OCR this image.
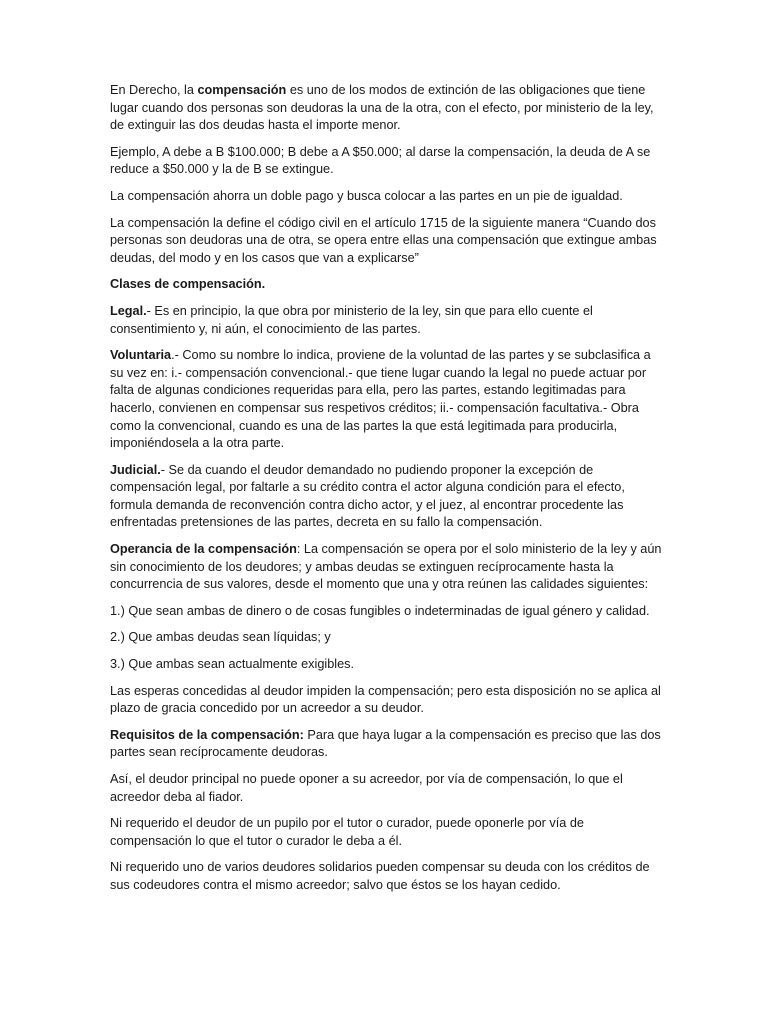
En Derecho, la compensación es uno de los modos de extinción de las obligaciones que tiene lugar cuando dos personas son deudoras la una de la otra, con el efecto, por ministerio de la ley, de extinguir las dos deudas hasta el importe menor.

Ejemplo, A debe a B $100.000; B debe a A $50.000; al darse la compensación, la deuda de A se reduce a $50.000 y la de B se extingue.

La compensación ahorra un doble pago y busca colocar a las partes en un pie de igualdad.

La compensación la define el código civil en el artículo 1715 de la siguiente manera “Cuando dos personas son deudoras una de otra, se opera entre ellas una compensación que extingue ambas deudas, del modo y en los casos que van a explicarse”

Clases de compensación.

Legal.- Es en principio, la que obra por ministerio de la ley, sin que para ello cuente el consentimiento y, ni aún, el conocimiento de las partes.

Voluntaria.- Como su nombre lo indica, proviene de la voluntad de las partes y se subclasifica a su vez en: i.- compensación convencional.- que tiene lugar cuando la legal no puede actuar por falta de algunas condiciones requeridas para ella, pero las partes, estando legitimadas para hacerlo, convienen en compensar sus respetivos créditos; ii.- compensación facultativa.- Obra como la convencional, cuando es una de las partes la que está legitimada para producirla, imponiéndosela a la otra parte.

Judicial.- Se da cuando el deudor demandado no pudiendo proponer la excepción de compensación legal, por faltarle a su crédito contra el actor alguna condición para el efecto, formula demanda de reconvención contra dicho actor, y el juez, al encontrar procedente las enfrentadas pretensiones de las partes, decreta en su fallo la compensación.

Operancia de la compensación: La compensación se opera por el solo ministerio de la ley y aún sin conocimiento de los deudores; y ambas deudas se extinguen recíprocamente hasta la concurrencia de sus valores, desde el momento que una y otra reúnen las calidades siguientes:

1.) Que sean ambas de dinero o de cosas fungibles o indeterminadas de igual género y calidad.

2.) Que ambas deudas sean líquidas; y

3.) Que ambas sean actualmente exigibles.

Las esperas concedidas al deudor impiden la compensación; pero esta disposición no se aplica al plazo de gracia concedido por un acreedor a su deudor.

Requisitos de la compensación: Para que haya lugar a la compensación es preciso que las dos partes sean recíprocamente deudoras.

Así, el deudor principal no puede oponer a su acreedor, por vía de compensación, lo que el acreedor deba al fiador.

Ni requerido el deudor de un pupilo por el tutor o curador, puede oponerle por vía de compensación lo que el tutor o curador le deba a él.

Ni requerido uno de varios deudores solidarios pueden compensar su deuda con los créditos de sus codeudores contra el mismo acreedor; salvo que éstos se los hayan cedido.
